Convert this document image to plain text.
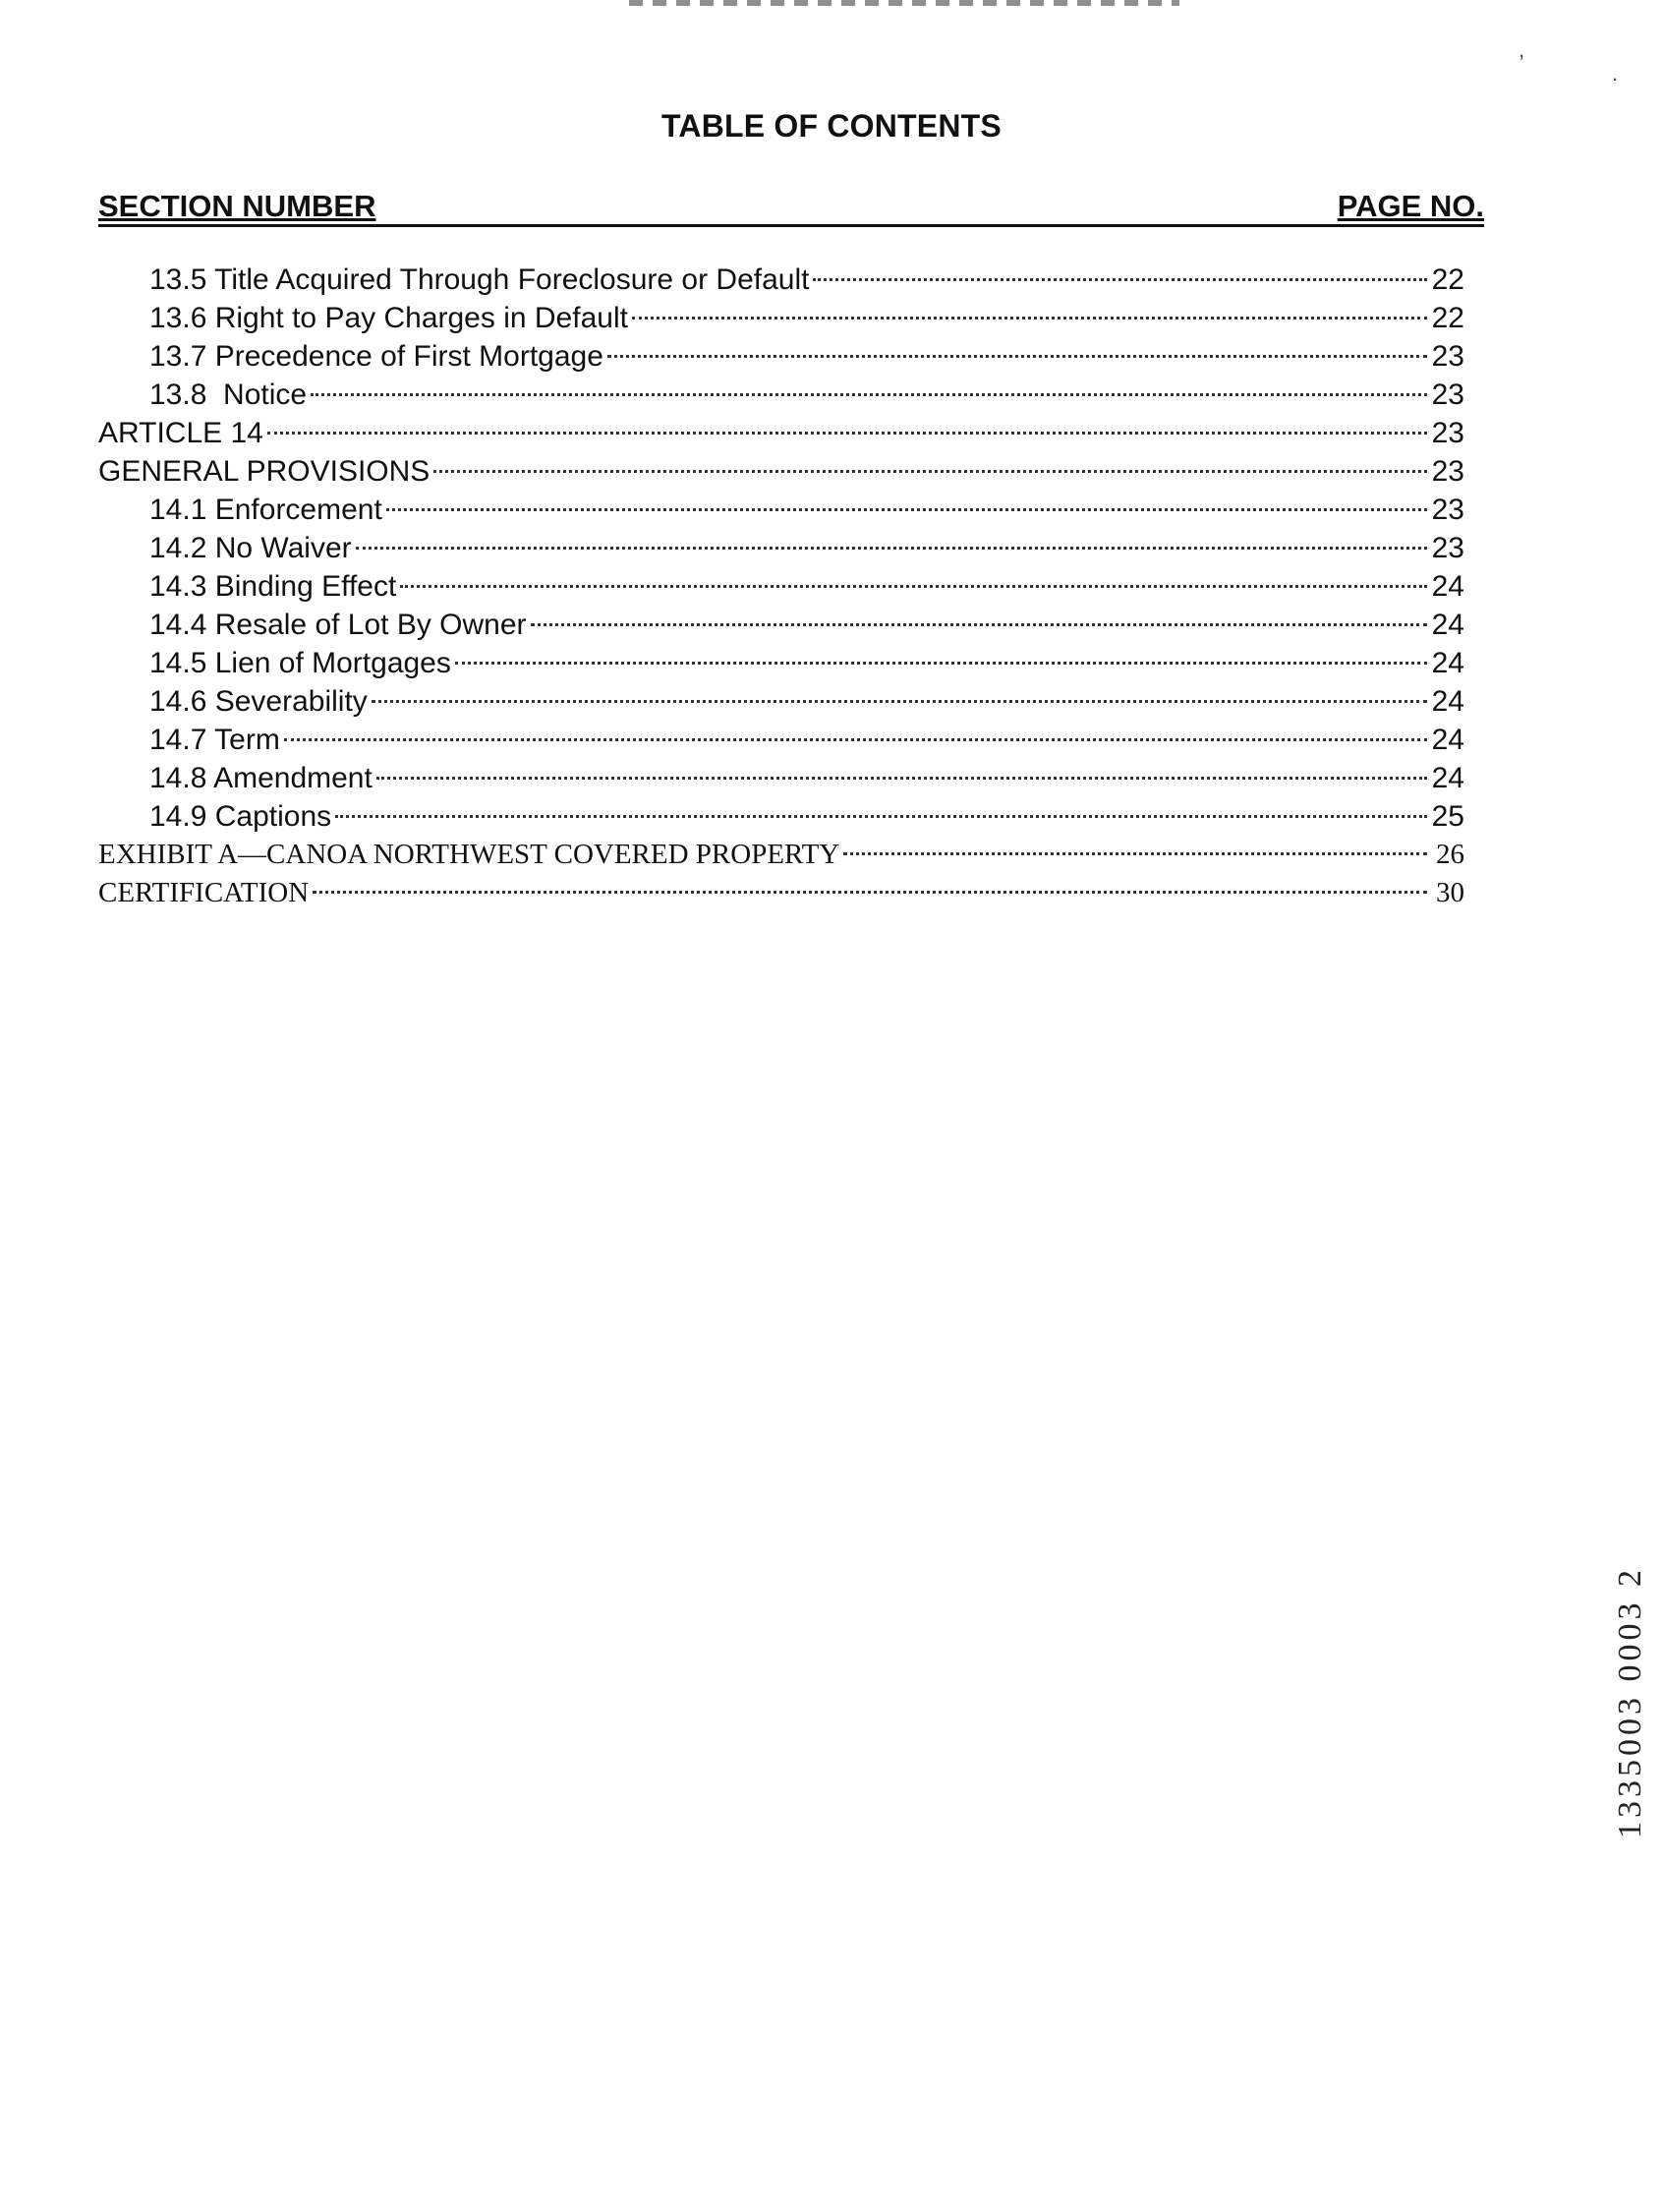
,
.
TABLE OF CONTENTS
SECTION NUMBER	PAGE NO.
13.5 Title Acquired Through Foreclosure or Default	22
13.6 Right to Pay Charges in Default	22
13.7 Precedence of First Mortgage	23
13.8  Notice	23
ARTICLE 14	23
GENERAL PROVISIONS	23
14.1 Enforcement	23
14.2 No Waiver	23
14.3 Binding Effect	24
14.4 Resale of Lot By Owner	24
14.5 Lien of Mortgages	24
14.6 Severability	24
14.7 Term	24
14.8 Amendment	24
14.9 Captions	25
EXHIBIT A—CANOA NORTHWEST COVERED PROPERTY	26
CERTIFICATION	30
1335003 0003 2
